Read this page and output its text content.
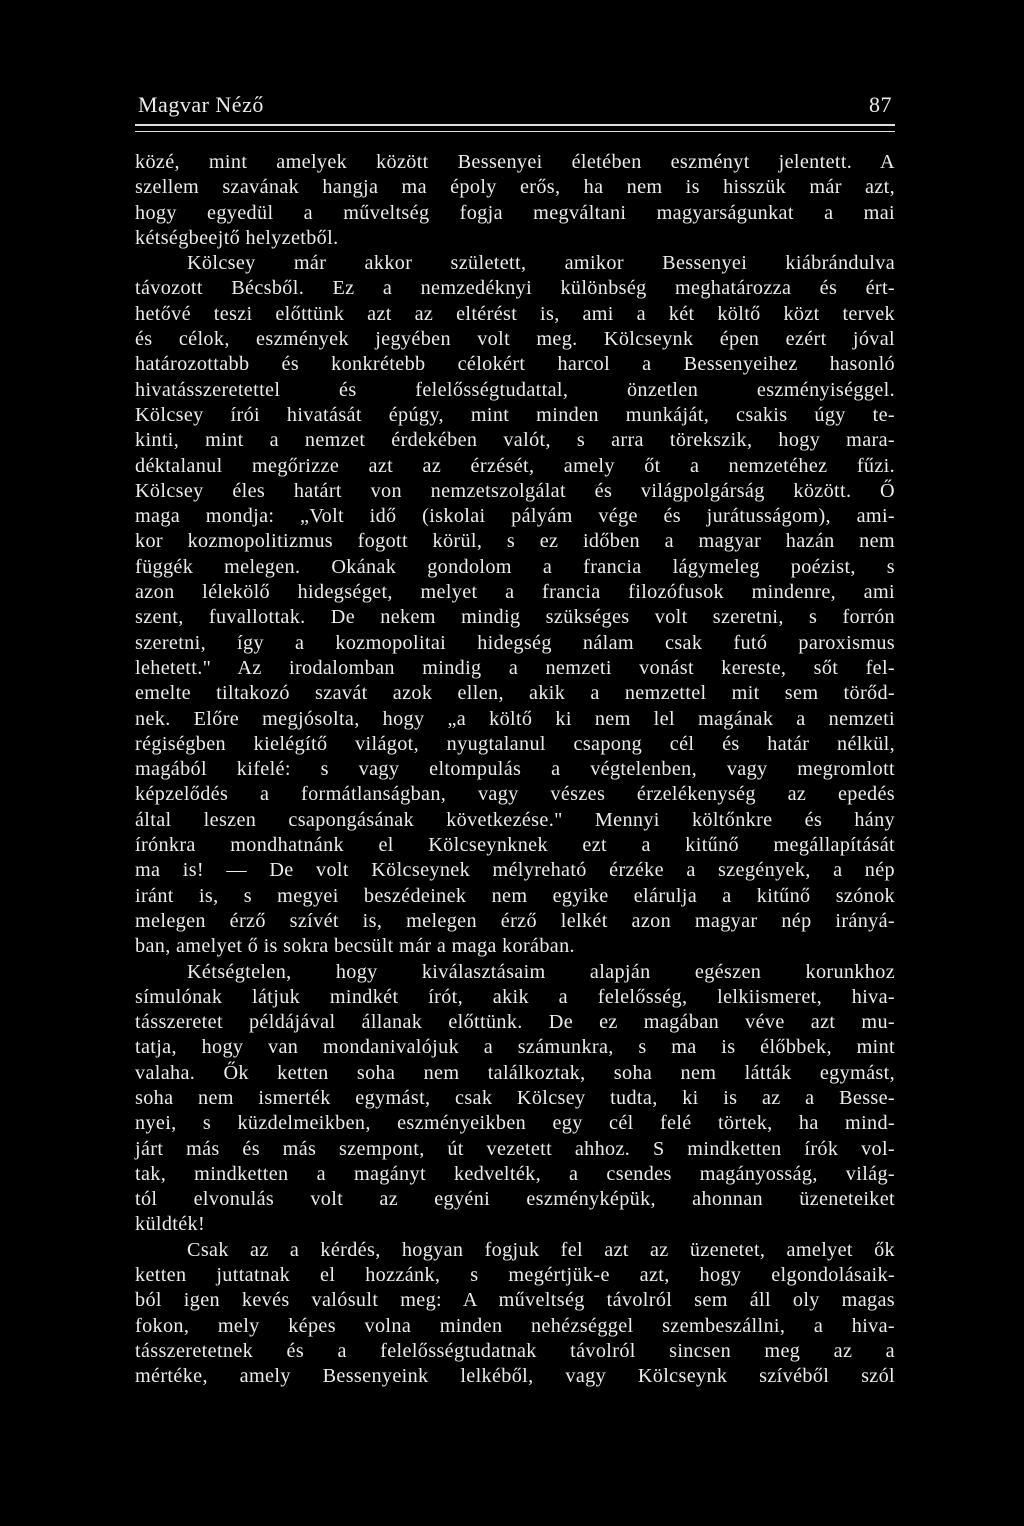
Magvar Néző	87
közé, mint amelyek között Bessenyei életében eszményt jelentett. A
szellem szavának hangja ma époly erős, ha nem is hisszük már azt,
hogy egyedül a műveltség fogja megváltani magyarságunkat a mai
kétségbeejtő helyzetből.
Kölcsey már akkor született, amikor Bessenyei kiábrándulva
távozott Bécsből. Ez a nemzedéknyi különbség meghatározza és ért-
hetővé teszi előttünk azt az eltérést is, ami a két költő közt tervek
és célok, eszmények jegyében volt meg. Kölcseynk épen ezért jóval
határozottabb és konkrétebb célokért harcol a Bessenyeihez hasonló
hivatásszeretettel és felelősségtudattal, önzetlen eszményiséggel.
Kölcsey írói hivatását épúgy, mint minden munkáját, csakis úgy te-
kinti, mint a nemzet érdekében valót, s arra törekszik, hogy mara-
déktalanul megőrizze azt az érzését, amely őt a nemzetéhez fűzi.
Kölcsey éles határt von nemzetszolgálat és világpolgárság között. Ő
maga mondja: „Volt idő (iskolai pályám vége és jurátusságom), ami-
kor kozmopolitizmus fogott körül, s ez időben a magyar hazán nem
függék melegen. Okának gondolom a francia lágymeleg poézist, s
azon lélekölő hidegséget, melyet a francia filozófusok mindenre, ami
szent, fuvallottak. De nekem mindig szükséges volt szeretni, s forrón
szeretni, így a kozmopolitai hidegség nálam csak futó paroxismus
lehetett." Az irodalomban mindig a nemzeti vonást kereste, sőt fel-
emelte tiltakozó szavát azok ellen, akik a nemzettel mit sem törőd-
nek. Előre megjósolta, hogy „a költő ki nem lel magának a nemzeti
régiségben kielégítő világot, nyugtalanul csapong cél és határ nélkül,
magából kifelé: s vagy eltompulás a végtelenben, vagy megromlott
képzelődés a formátlanságban, vagy vészes érzelékenység az epedés
által leszen csapongásának következése." Mennyi költőnkre és hány
írónkra mondhatnánk el Kölcseynknek ezt a kitűnő megállapítását
ma is! — De volt Kölcseynek mélyreható érzéke a szegények, a nép
iránt is, s megyei beszédeinek nem egyike elárulja a kitűnő szónok
melegen érző szívét is, melegen érző lelkét azon magyar nép irányá-
ban, amelyet ő is sokra becsült már a maga korában.
Kétségtelen, hogy kiválasztásaim alapján egészen korunkhoz
símulónak látjuk mindkét írót, akik a felelősség, lelkiismeret, hiva-
tásszeretet példájával állanak előttünk. De ez magában véve azt mu-
tatja, hogy van mondanivalójuk a számunkra, s ma is élőbbek, mint
valaha. Ők ketten soha nem találkoztak, soha nem látták egymást,
soha nem ismerték egymást, csak Kölcsey tudta, ki is az a Besse-
nyei, s küzdelmeikben, eszményeikben egy cél felé törtek, ha mind-
járt más és más szempont, út vezetett ahhoz. S mindketten írók vol-
tak, mindketten a magányt kedvelték, a csendes magányosság, világ-
tól elvonulás volt az egyéni eszményképük, ahonnan üzeneteiket
küldték!
Csak az a kérdés, hogyan fogjuk fel azt az üzenetet, amelyet ők
ketten juttatnak el hozzánk, s megértjük-e azt, hogy elgondolásaik-
ból igen kevés valósult meg: A műveltség távolról sem áll oly magas
fokon, mely képes volna minden nehézséggel szembeszállni, a hiva-
tásszeretetnek és a felelősségtudatnak távolról sincsen meg az a
mértéke, amely Bessenyeink lelkéből, vagy Kölcseynk szívéből szól
